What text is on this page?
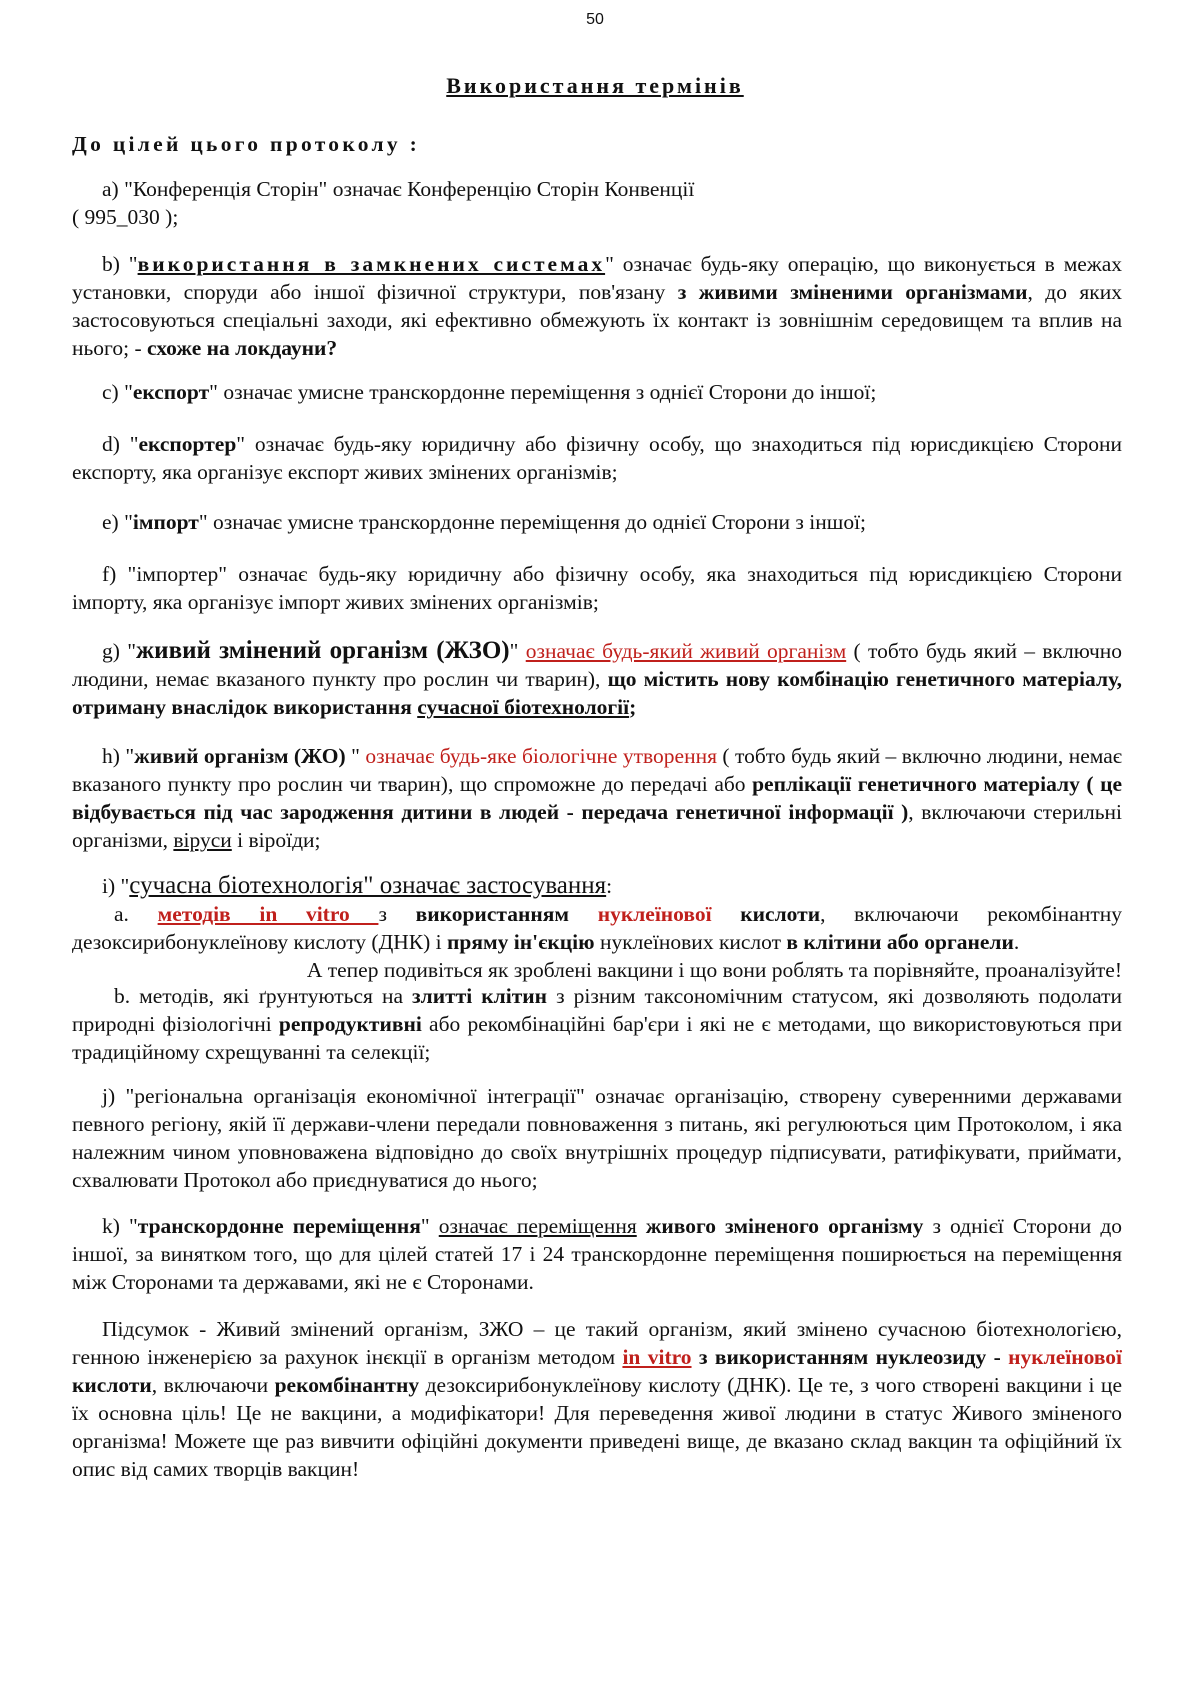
50
Використання термінів
До цілей цього протоколу :
а) "Конференція Сторін" означає Конференцію Сторін Конвенції
( 995_030 );
b) "використання в замкнених системах" означає будь-яку операцію, що виконується в межах установки, споруди або іншої фізичної структури, пов'язану з живими зміненими організмами, до яких застосовуються спеціальні заходи, які ефективно обмежують їх контакт із зовнішнім середовищем та вплив на нього; - схоже на локдауни?
c) "експорт" означає умисне транскордонне переміщення з однієї Сторони до іншої;
d) "експортер" означає будь-яку юридичну або фізичну особу, що знаходиться під юрисдикцією Сторони експорту, яка організує експорт живих змінених організмів;
e) "імпорт" означає умисне транскордонне переміщення до однієї Сторони з іншої;
f) "імпортер" означає будь-яку юридичну або фізичну особу, яка знаходиться під юрисдикцією Сторони імпорту, яка організує імпорт живих змінених організмів;
g) "живий змінений організм (ЖЗО)" означає будь-який живий організм ( тобто будь який – включно людини, немає вказаного пункту про рослин чи тварин), що містить нову комбінацію генетичного матеріалу, отриману внаслідок використання сучасної біотехнології;
h) "живий організм (ЖО) " означає будь-яке біологічне утворення ( тобто будь який – включно людини, немає вказаного пункту про рослин чи тварин), що спроможне до передачі або реплікації генетичного матеріалу ( це відбувається під час зародження дитини в людей - передача генетичної інформації ), включаючи стерильні організми, віруси і віроїди;
i) "сучасна біотехнологія" означає застосування:
a. методів in vitro з використанням нуклеїнової кислоти, включаючи рекомбінантну дезоксирибонуклеїнову кислоту (ДНК) і пряму ін'єкцію нуклеїнових кислот в клітини або органели.
А тепер подивіться як зроблені вакцини і що вони роблять та порівняйте, проаналізуйте!
b. методів, які ґрунтуються на злитті клітин з різним таксономічним статусом, які дозволяють подолати природні фізіологічні репродуктивні або рекомбінаційні бар'єри і які не є методами, що використовуються при традиційному схрещуванні та селекції;
j) "регіональна організація економічної інтеграції" означає організацію, створену суверенними державами певного регіону, якій її держави-члени передали повноваження з питань, які регулюються цим Протоколом, і яка належним чином уповноважена відповідно до своїх внутрішніх процедур підписувати, ратифікувати, приймати, схвалювати Протокол або приєднуватися до нього;
k) "транскордонне переміщення" означає переміщення живого зміненого організму з однієї Сторони до іншої, за винятком того, що для цілей статей 17 і 24 транскордонне переміщення поширюється на переміщення між Сторонами та державами, які не є Сторонами.
Підсумок - Живий змінений організм, ЗЖО – це такий організм, який змінено сучасною біотехнологією, генною інженерією за рахунок інєкції в організм методом in vitro з використанням нуклеозиду - нуклеїнової кислоти, включаючи рекомбінантну дезоксирибонуклеїнову кислоту (ДНК). Це те, з чого створені вакцини і це їх основна ціль! Це не вакцини, а модифікатори! Для переведення живої людини в статус Живого зміненого організма! Можете ще раз вивчити офіційні документи приведені вище, де вказано склад вакцин та офіційний їх опис від самих творців вакцин!
